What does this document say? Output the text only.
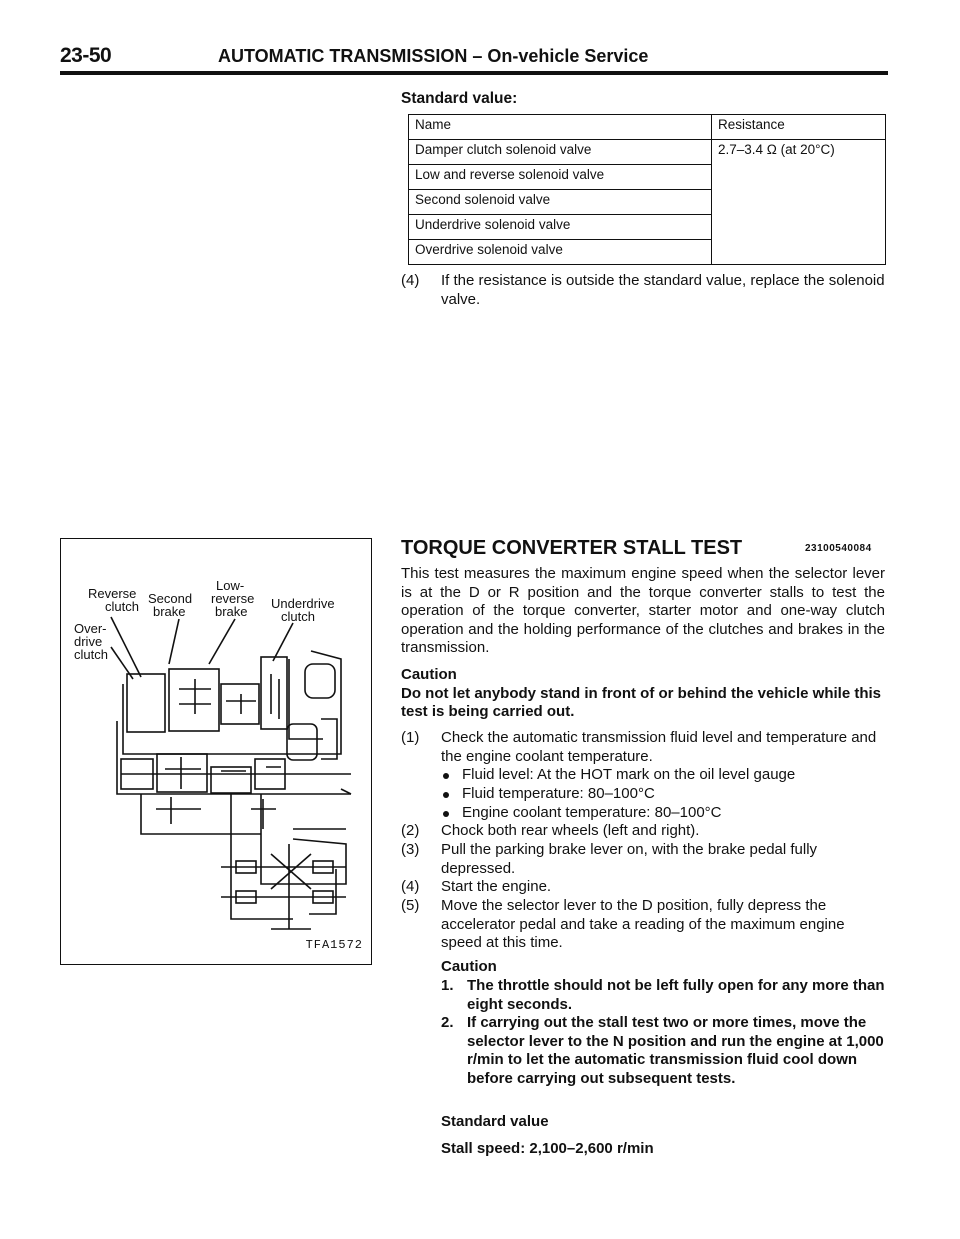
23-50	AUTOMATIC TRANSMISSION – On-vehicle Service
Standard value:
Name	Resistance
Damper clutch solenoid valve	2.7–3.4 Ω (at 20°C)
Low and reverse solenoid valve	
Second solenoid valve	
Underdrive solenoid valve	
Overdrive solenoid valve	
(4) If the resistance is outside the standard value, replace the solenoid valve.
Low-
Reverse Second reverse Underdrive
clutch brake brake	clutch
Over-
drive
clutch
TFA1572
TORQUE CONVERTER STALL TEST	23100540084
This test measures the maximum engine speed when the selector lever is at the D or R position and the torque converter stalls to test the operation of the torque converter, starter motor and one-way clutch operation and the holding performance of the clutches and brakes in the transmission.
Caution
Do not let anybody stand in front of or behind the vehicle while this test is being carried out.
(1) Check the automatic transmission fluid level and temperature and the engine coolant temperature.
Fluid level: At the HOT mark on the oil level gauge
Fluid temperature: 80–100°C
Engine coolant temperature: 80–100°C
(2) Chock both rear wheels (left and right).
(3) Pull the parking brake lever on, with the brake pedal fully depressed.
(4) Start the engine.
(5) Move the selector lever to the D position, fully depress the accelerator pedal and take a reading of the maximum engine speed at this time.
Caution
1. The throttle should not be left fully open for any more than eight seconds.
2. If carrying out the stall test two or more times, move the selector lever to the N position and run the engine at 1,000 r/min to let the automatic transmission fluid cool down before carrying out subsequent tests.
Standard value
Stall speed: 2,100–2,600 r/min
